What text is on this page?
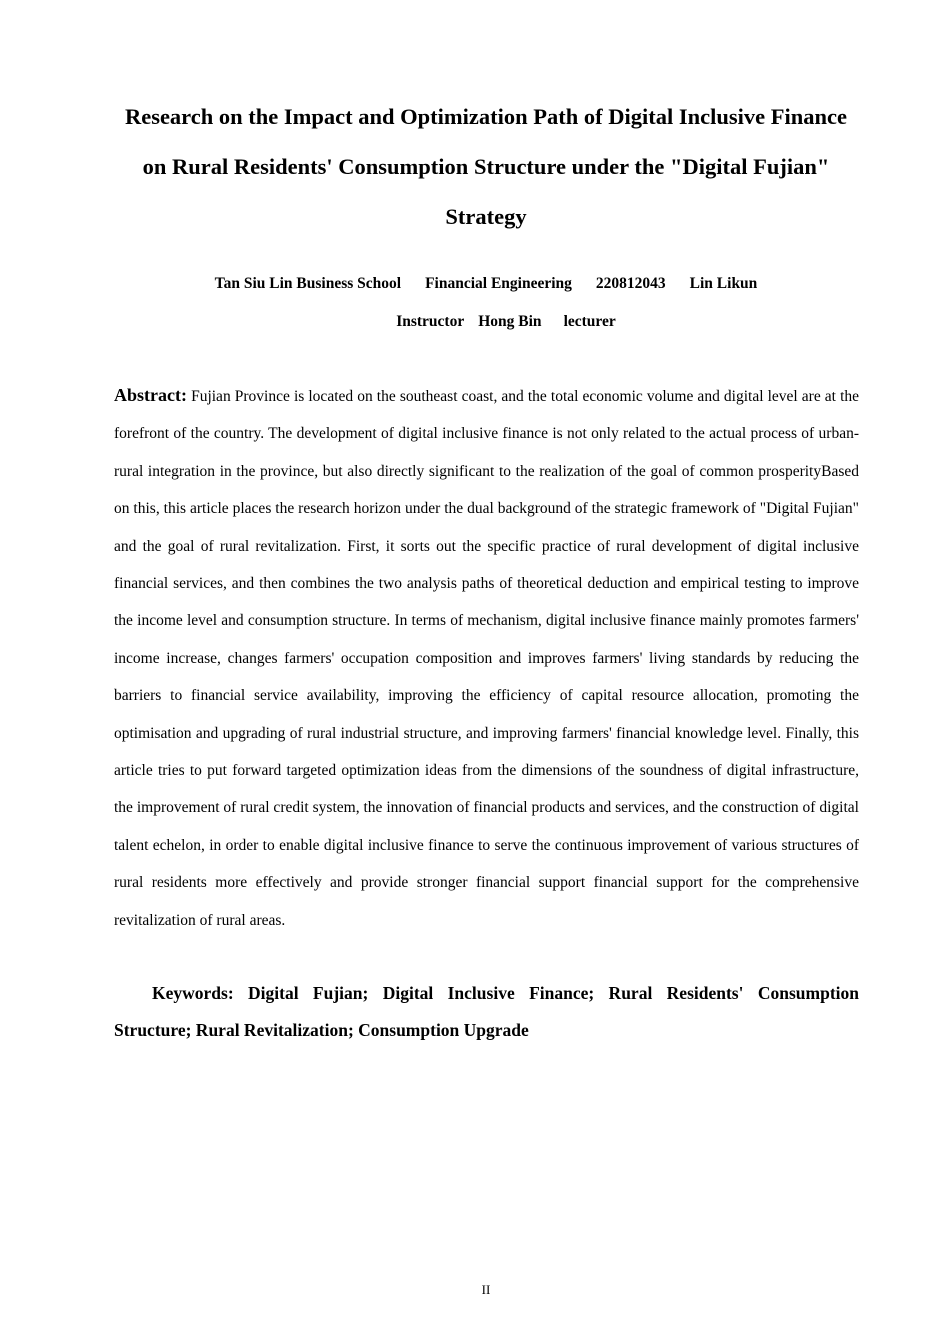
Research on the Impact and Optimization Path of Digital Inclusive Finance on Rural Residents' Consumption Structure under the "Digital Fujian" Strategy
Tan Siu Lin Business School Financial Engineering 220812043 Lin Likun
Instructor Hong Bin lecturer

Abstract: Fujian Province is located on the southeast coast, and the total economic volume and digital level are at the forefront of the country. The development of digital inclusive finance is not only related to the actual process of urban-rural integration in the province, but also directly significant to the realization of the goal of common prosperityBased on this, this article places the research horizon under the dual background of the strategic framework of "Digital Fujian" and the goal of rural revitalization. First, it sorts out the specific practice of rural development of digital inclusive financial services, and then combines the two analysis paths of theoretical deduction and empirical testing to improve the income level and consumption structure. In terms of mechanism, digital inclusive finance mainly promotes farmers' income increase, changes farmers' occupation composition and improves farmers' living standards by reducing the barriers to financial service availability, improving the efficiency of capital resource allocation, promoting the optimisation and upgrading of rural industrial structure, and improving farmers' financial knowledge level. Finally, this article tries to put forward targeted optimization ideas from the dimensions of the soundness of digital infrastructure, the improvement of rural credit system, the innovation of financial products and services, and the construction of digital talent echelon, in order to enable digital inclusive finance to serve the continuous improvement of various structures of rural residents more effectively and provide stronger financial support financial support for the comprehensive revitalization of rural areas.

Keywords: Digital Fujian; Digital Inclusive Finance; Rural Residents' Consumption Structure; Rural Revitalization; Consumption Upgrade

II
